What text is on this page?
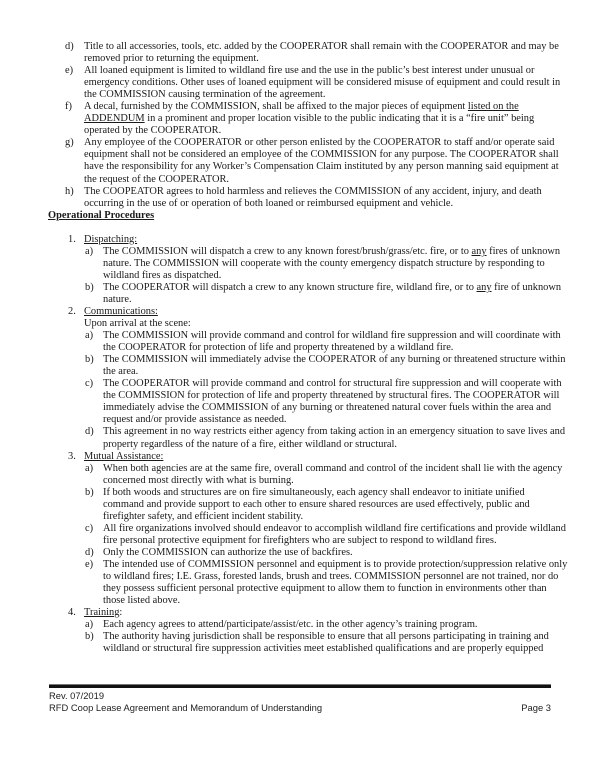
d) Title to all accessories, tools, etc. added by the COOPERATOR shall remain with the COOPERATOR and may be removed prior to returning the equipment.
e) All loaned equipment is limited to wildland fire use and the use in the public’s best interest under unusual or emergency conditions. Other uses of loaned equipment will be considered misuse of equipment and could result in the COMMISSION causing termination of the agreement.
f) A decal, furnished by the COMMISSION, shall be affixed to the major pieces of equipment listed on the ADDENDUM in a prominent and proper location visible to the public indicating that it is a “fire unit” being operated by the COOPERATOR.
g) Any employee of the COOPERATOR or other person enlisted by the COOPERATOR to staff and/or operate said equipment shall not be considered an employee of the COMMISSION for any purpose. The COOPERATOR shall have the responsibility for any Worker’s Compensation Claim instituted by any person manning said equipment at the request of the COOPERATOR.
h) The COOPEATOR agrees to hold harmless and relieves the COMMISSION of any accident, injury, and death occurring in the use of or operation of both loaned or reimbursed equipment and vehicle.
Operational Procedures
1. Dispatching:
a) The COMMISSION will dispatch a crew to any known forest/brush/grass/etc. fire, or to any fires of unknown nature. The COMMISSION will cooperate with the county emergency dispatch structure by responding to wildland fires as dispatched.
b) The COOPERATOR will dispatch a crew to any known structure fire, wildland fire, or to any fire of unknown nature.
2. Communications:
Upon arrival at the scene:
a) The COMMISSION will provide command and control for wildland fire suppression and will coordinate with the COOPERATOR for protection of life and property threatened by a wildland fire.
b) The COMMISSION will immediately advise the COOPERATOR of any burning or threatened structure within the area.
c) The COOPERATOR will provide command and control for structural fire suppression and will cooperate with the COMMISSION for protection of life and property threatened by structural fires. The COOPERATOR will immediately advise the COMMISSION of any burning or threatened natural cover fuels within the area and request and/or provide assistance as needed.
d) This agreement in no way restricts either agency from taking action in an emergency situation to save lives and property regardless of the nature of a fire, either wildland or structural.
3. Mutual Assistance:
a) When both agencies are at the same fire, overall command and control of the incident shall lie with the agency concerned most directly with what is burning.
b) If both woods and structures are on fire simultaneously, each agency shall endeavor to initiate unified command and provide support to each other to ensure shared resources are used effectively, public and firefighter safety, and efficient incident stability.
c) All fire organizations involved should endeavor to accomplish wildland fire certifications and provide wildland fire personal protective equipment for firefighters who are subject to respond to wildland fires.
d) Only the COMMISSION can authorize the use of backfires.
e) The intended use of COMMISSION personnel and equipment is to provide protection/suppression relative only to wildland fires; I.E. Grass, forested lands, brush and trees. COMMISSION personnel are not trained, nor do they possess sufficient personal protective equipment to allow them to function in environments other than those listed above.
4. Training:
a) Each agency agrees to attend/participate/assist/etc. in the other agency’s training program.
b) The authority having jurisdiction shall be responsible to ensure that all persons participating in training and wildland or structural fire suppression activities meet established qualifications and are properly equipped
Rev. 07/2019
RFD Coop Lease Agreement and Memorandum of Understanding	Page 3
